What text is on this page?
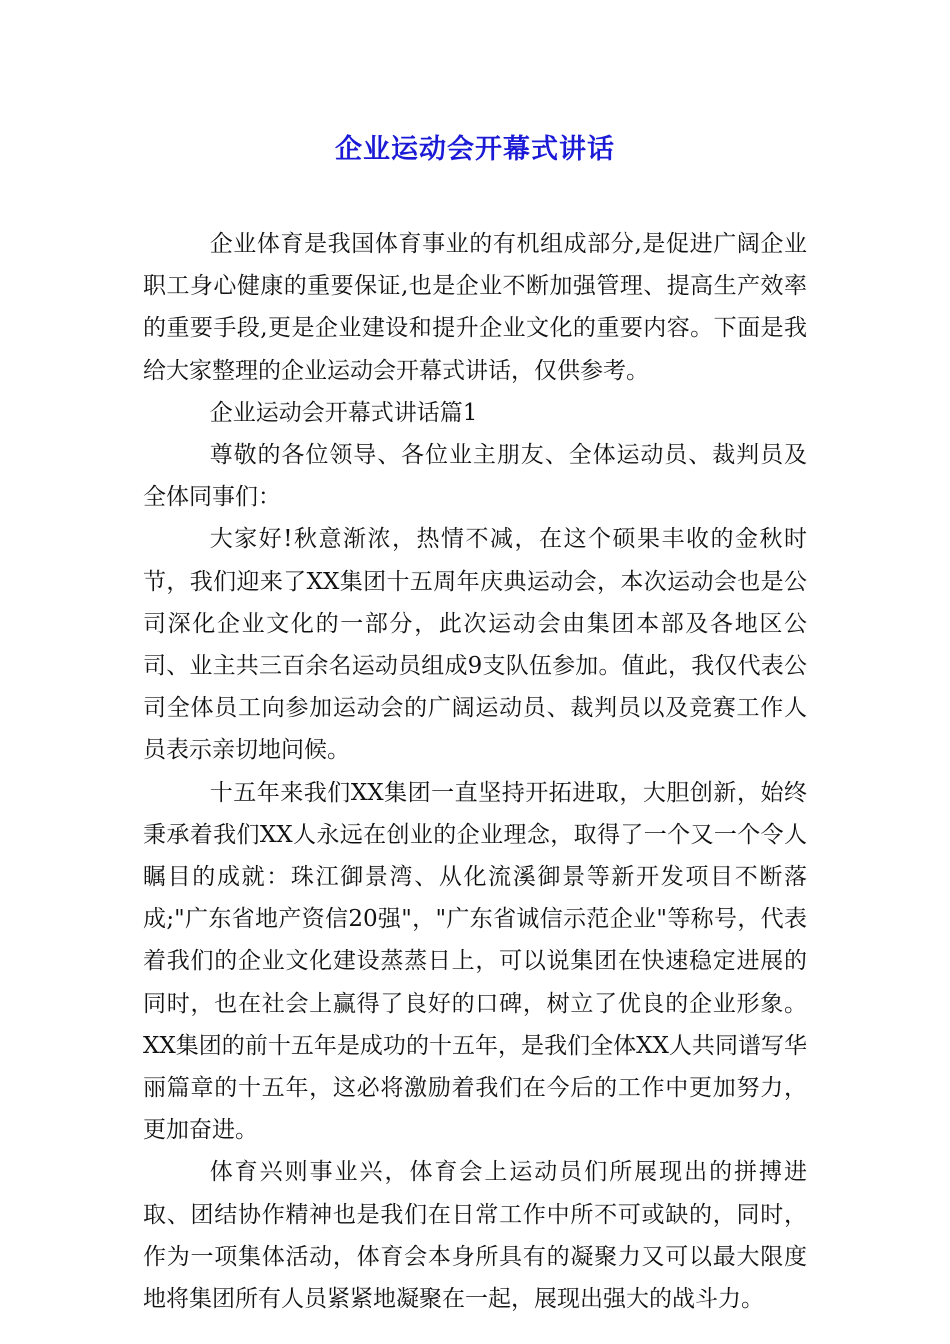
企业运动会开幕式讲话

企业体育是我国体育事业的有机组成部分,是促进广阔企业职工身心健康的重要保证,也是企业不断加强管理、提高生产效率的重要手段,更是企业建设和提升企业文化的重要内容。下面是我给大家整理的企业运动会开幕式讲话，仅供参考。

企业运动会开幕式讲话篇1

尊敬的各位领导、各位业主朋友、全体运动员、裁判员及全体同事们：

大家好!秋意渐浓，热情不减，在这个硕果丰收的金秋时节，我们迎来了XX集团十五周年庆典运动会，本次运动会也是公司深化企业文化的一部分，此次运动会由集团本部及各地区公司、业主共三百余名运动员组成9支队伍参加。值此，我仅代表公司全体员工向参加运动会的广阔运动员、裁判员以及竞赛工作人员表示亲切地问候。

十五年来我们XX集团一直坚持开拓进取，大胆创新，始终秉承着我们XX人永远在创业的企业理念，取得了一个又一个令人瞩目的成就：珠江御景湾、从化流溪御景等新开发项目不断落成;"广东省地产资信20强"，"广东省诚信示范企业"等称号，代表着我们的企业文化建设蒸蒸日上，可以说集团在快速稳定进展的同时，也在社会上赢得了良好的口碑，树立了优良的企业形象。XX集团的前十五年是成功的十五年，是我们全体XX人共同谱写华丽篇章的十五年，这必将激励着我们在今后的工作中更加努力，更加奋进。

体育兴则事业兴，体育会上运动员们所展现出的拼搏进取、团结协作精神也是我们在日常工作中所不可或缺的，同时，作为一项集体活动，体育会本身所具有的凝聚力又可以最大限度地将集团所有人员紧紧地凝聚在一起，展现出强大的战斗力。
